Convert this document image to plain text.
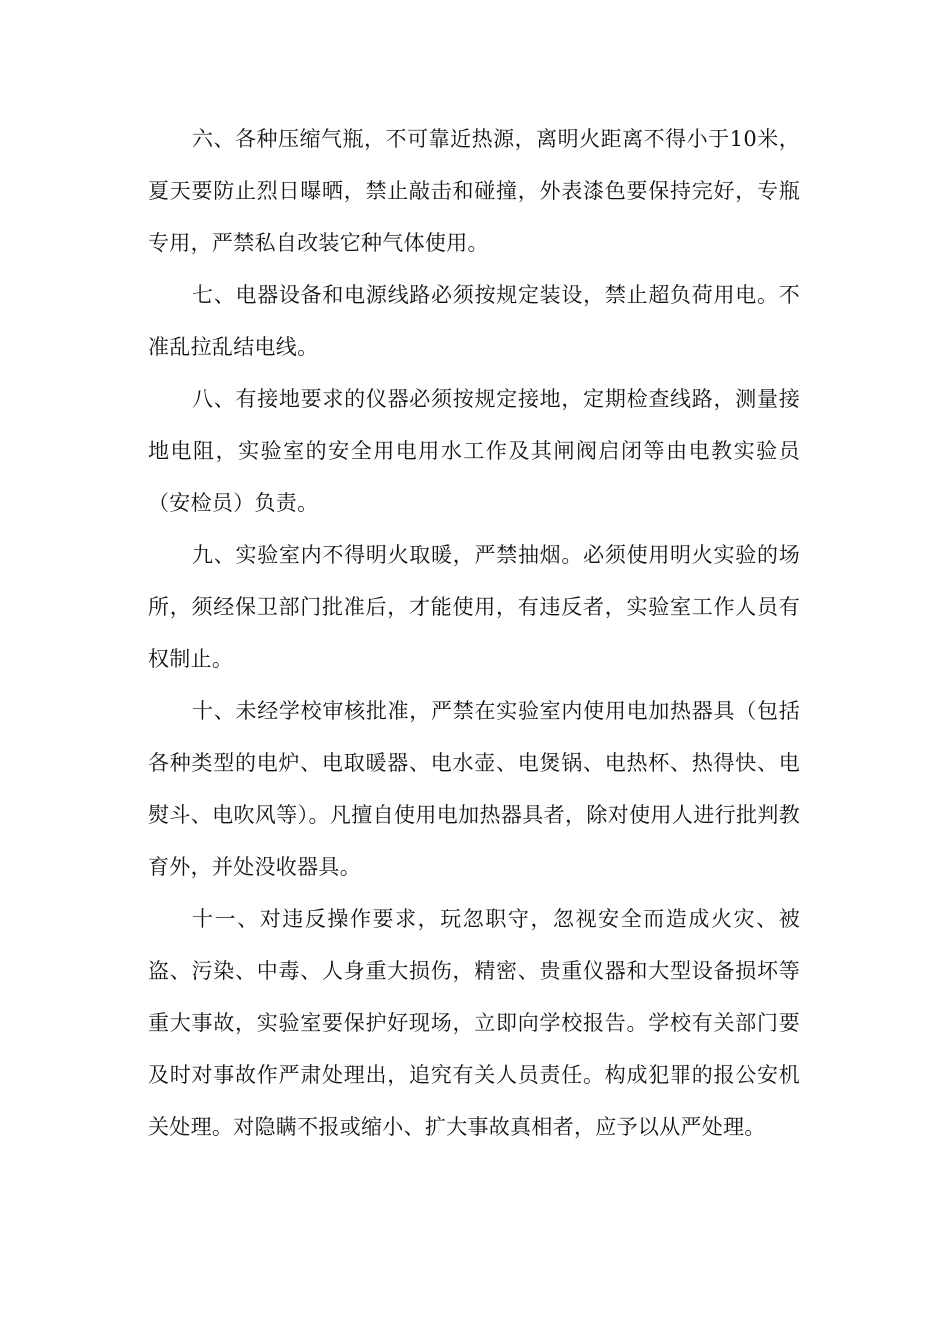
六、各种压缩气瓶，不可靠近热源，离明火距离不得小于10米，夏天要防止烈日曝晒，禁止敲击和碰撞，外表漆色要保持完好，专瓶专用，严禁私自改装它种气体使用。

七、电器设备和电源线路必须按规定装设，禁止超负荷用电。不准乱拉乱结电线。

八、有接地要求的仪器必须按规定接地，定期检查线路，测量接地电阻，实验室的安全用电用水工作及其闸阀启闭等由电教实验员（安检员）负责。

九、实验室内不得明火取暖，严禁抽烟。必须使用明火实验的场所，须经保卫部门批准后，才能使用，有违反者，实验室工作人员有权制止。

十、未经学校审核批准，严禁在实验室内使用电加热器具（包括各种类型的电炉、电取暖器、电水壶、电煲锅、电热杯、热得快、电熨斗、电吹风等）。凡擅自使用电加热器具者，除对使用人进行批判教育外，并处没收器具。

十一、对违反操作要求，玩忽职守，忽视安全而造成火灾、被盗、污染、中毒、人身重大损伤，精密、贵重仪器和大型设备损坏等重大事故，实验室要保护好现场，立即向学校报告。学校有关部门要及时对事故作严肃处理出，追究有关人员责任。构成犯罪的报公安机关处理。对隐瞒不报或缩小、扩大事故真相者，应予以从严处理。
